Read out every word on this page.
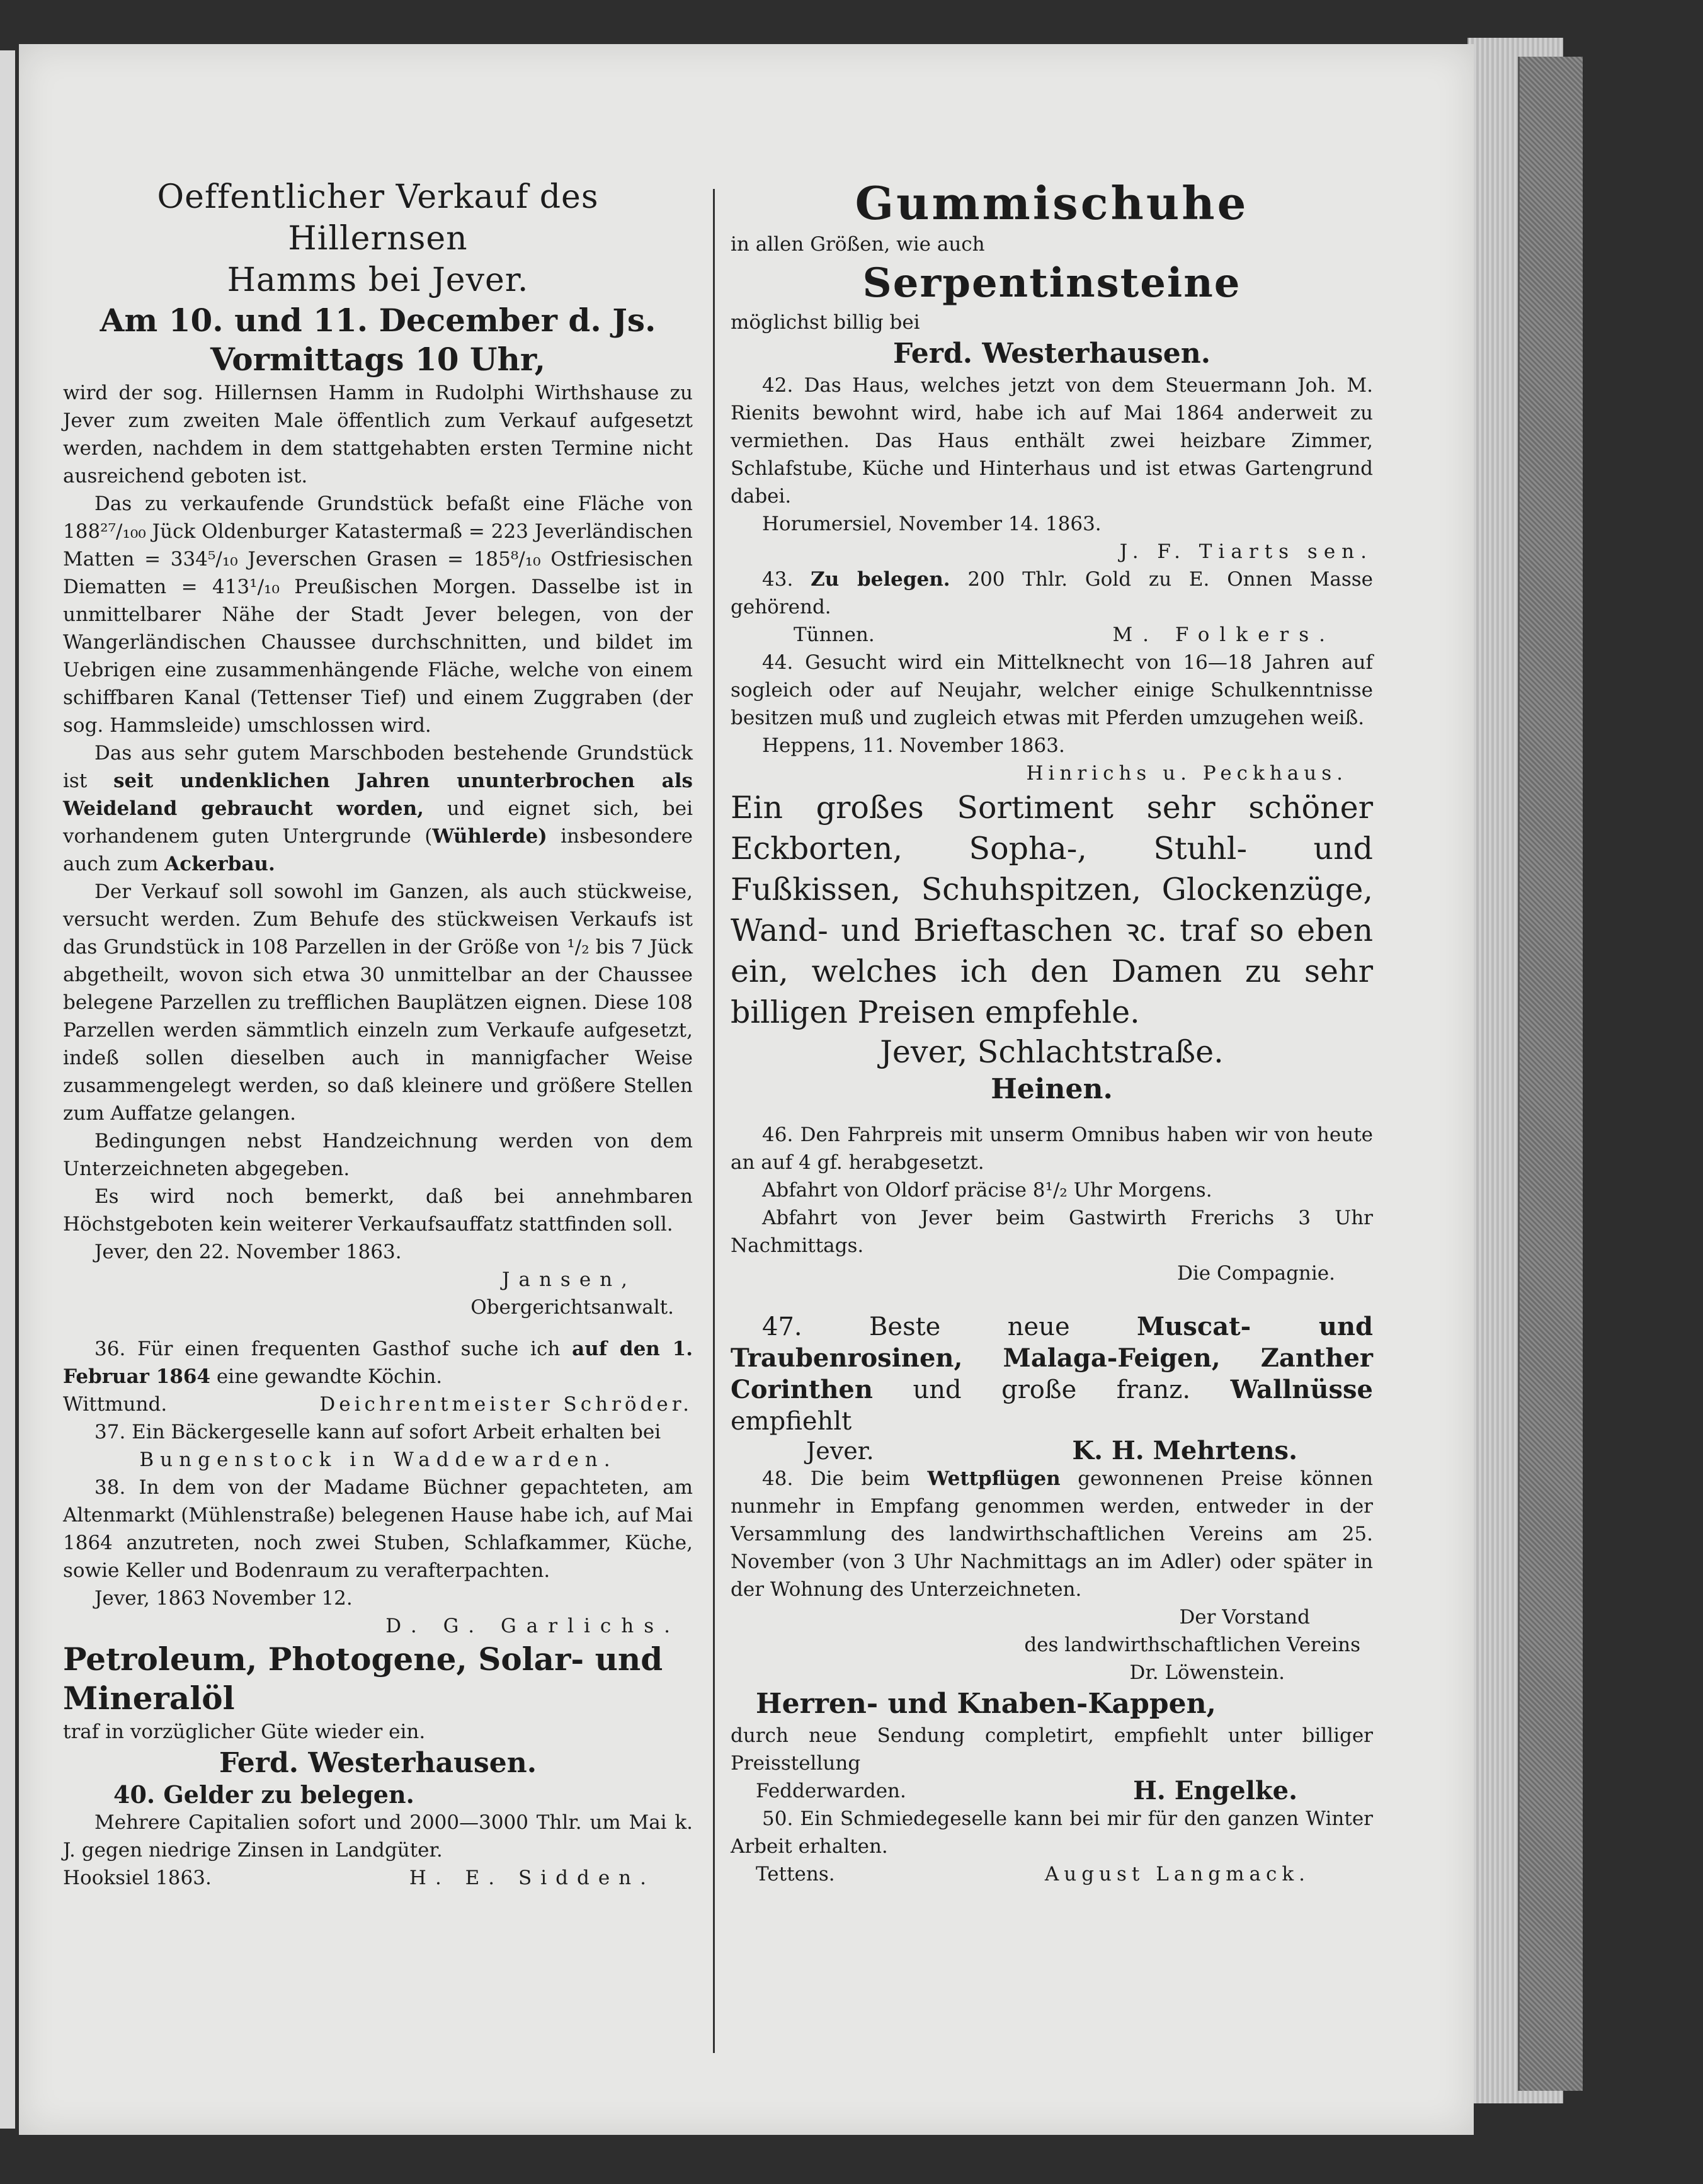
Oeffentlicher Verkauf des Hillernsen

Hamms bei Jever.

Am 10. und 11. December d. Js.

Vormittags 10 Uhr,

wird der sog. Hillernsen Hamm in Rudolphi Wirthshause zu Jever zum zweiten Male öffentlich zum Verkauf aufgesetzt werden, nachdem in dem stattgehabten ersten Termine nicht ausreichend geboten ist.

Das zu verkaufende Grundstück befaßt eine Fläche von 188²⁷/₁₀₀ Jück Oldenburger Katastermaß = 223 Jeverländischen Matten = 334⁵/₁₀ Jeverschen Grasen = 185⁸/₁₀ Ostfriesischen Diematten = 413¹/₁₀ Preußischen Morgen. Dasselbe ist in unmittelbarer Nähe der Stadt Jever belegen, von der Wangerländischen Chaussee durchschnitten, und bildet im Uebrigen eine zusammenhängende Fläche, welche von einem schiffbaren Kanal (Tettenser Tief) und einem Zuggraben (der sog. Hammsleide) umschlossen wird.

Das aus sehr gutem Marschboden bestehende Grundstück ist seit undenklichen Jahren ununterbrochen als Weideland gebraucht worden, und eignet sich, bei vorhandenem guten Untergrunde (Wühlerde) insbesondere auch zum Ackerbau.

Der Verkauf soll sowohl im Ganzen, als auch stückweise, versucht werden. Zum Behufe des stückweisen Verkaufs ist das Grundstück in 108 Parzellen in der Größe von ¹/₂ bis 7 Jück abgetheilt, wovon sich etwa 30 unmittelbar an der Chaussee belegene Parzellen zu trefflichen Bauplätzen eignen. Diese 108 Parzellen werden sämmtlich einzeln zum Verkaufe aufgesetzt, indeß sollen dieselben auch in mannigfacher Weise zusammengelegt werden, so daß kleinere und größere Stellen zum Auffatze gelangen.

Bedingungen nebst Handzeichnung werden von dem Unterzeichneten abgegeben.

Es wird noch bemerkt, daß bei annehmbaren Höchstgeboten kein weiterer Verkaufsauffatz stattfinden soll.

Jever, den 22. November 1863.

Jansen,

Obergerichtsanwalt.

36. Für einen frequenten Gasthof suche ich auf den 1. Februar 1864 eine gewandte Köchin.

Wittmund.	Deichrentmeister Schröder.

37. Ein Bäckergeselle kann auf sofort Arbeit erhalten bei

Bungenstock in Waddewarden.

38. In dem von der Madame Büchner gepachteten, am Altenmarkt (Mühlenstraße) belegenen Hause habe ich, auf Mai 1864 anzutreten, noch zwei Stuben, Schlafkammer, Küche, sowie Keller und Bodenraum zu verafterpachten.

Jever, 1863 November 12.

D. G. Garlichs.

Petroleum, Photogene, Solar- und Mineralöl

traf in vorzüglicher Güte wieder ein.

Ferd. Westerhausen.

40. Gelder zu belegen.

Mehrere Capitalien sofort und 2000—3000 Thlr. um Mai k. J. gegen niedrige Zinsen in Landgüter.

Hooksiel 1863.	H. E. Sidden.

Gummischuhe

in allen Größen, wie auch

Serpentinsteine

möglichst billig bei

Ferd. Westerhausen.

42. Das Haus, welches jetzt von dem Steuermann Joh. M. Rienits bewohnt wird, habe ich auf Mai 1864 anderweit zu vermiethen. Das Haus enthält zwei heizbare Zimmer, Schlafstube, Küche und Hinterhaus und ist etwas Gartengrund dabei.

Horumersiel, November 14. 1863.

J. F. Tiarts sen.

43. Zu belegen. 200 Thlr. Gold zu E. Onnen Masse gehörend.

Tünnen.	M. Folkers.

44. Gesucht wird ein Mittelknecht von 16—18 Jahren auf sogleich oder auf Neujahr, welcher einige Schulkenntnisse besitzen muß und zugleich etwas mit Pferden umzugehen weiß.

Heppens, 11. November 1863.

Hinrichs u. Peckhaus.

Ein großes Sortiment sehr schöner Eckborten, Sopha-, Stuhl- und Fußkissen, Schuhspitzen, Glockenzüge, Wand- und Brieftaschen ꝛc. traf so eben ein, welches ich den Damen zu sehr billigen Preisen empfehle.

Jever, Schlachtstraße.

Heinen.

46. Den Fahrpreis mit unserm Omnibus haben wir von heute an auf 4 gf. herabgesetzt.

Abfahrt von Oldorf präcise 8¹/₂ Uhr Morgens.

Abfahrt von Jever beim Gastwirth Frerichs 3 Uhr Nachmittags.

Die Compagnie.

47. Beste neue Muscat- und Traubenrosinen, Malaga-Feigen, Zanther Corinthen und große franz. Wallnüsse empfiehlt

Jever.	K. H. Mehrtens.

48. Die beim Wettpflügen gewonnenen Preise können nunmehr in Empfang genommen werden, entweder in der Versammlung des landwirthschaftlichen Vereins am 25. November (von 3 Uhr Nachmittags an im Adler) oder später in der Wohnung des Unterzeichneten.

Der Vorstand

des landwirthschaftlichen Vereins

Dr. Löwenstein.

Herren- und Knaben-Kappen,

durch neue Sendung completirt, empfiehlt unter billiger Preisstellung

Fedderwarden.	H. Engelke.

50. Ein Schmiedegeselle kann bei mir für den ganzen Winter Arbeit erhalten.

Tettens.	August Langmack.
